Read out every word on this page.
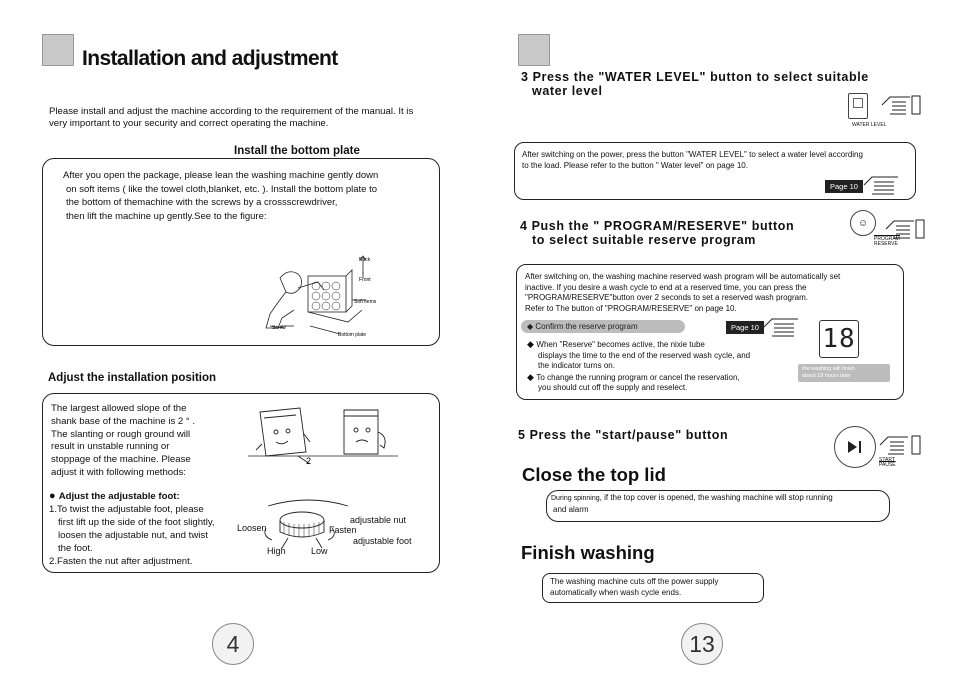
Installation and adjustment
Please install and adjust the machine according to the requirement of the manual. It is
very important to your security and correct operating the machine.
Install the bottom plate
After you open the package, please lean the washing machine gently down
on soft items ( like the towel cloth,blanket, etc. ). Install the bottom plate to
the bottom of themachine with the screws by a crossscrewdriver,
then lift the machine up gently.See to the figure:
Back
Front
Soft items
Screw
Bottom plate
Adjust the installation position
The largest allowed slope of the
shank base of the machine is 2 ° .
The slanting or rough ground will
result in unstable running or
stoppage of the machine. Please
adjust it with following methods:
2
● Adjust the adjustable foot:
1.To twist the adjustable foot, please
first lift up the side of the foot slightly,
loosen the adjustable nut, and twist
the foot.
2.Fasten the nut after adjustment.
Loosen	Fasten
adjustable nut
adjustable foot
High	Low
4
3 Press the "WATER LEVEL" button to select suitable
water level
WATER LEVEL
After switching on the power, press the button "WATER LEVEL" to select a water level according
to the load. Please refer to the button " Water level" on page 10.
Page 10
4 Push the " PROGRAM/RESERVE" button
to select suitable reserve program
☺
PROGRAM
RESERVE
After switching on, the washing machine reserved wash program will be automatically set
inactive. If you desire a wash cycle to end at a reserved time, you can press the
"PROGRAM/RESERVE"button over 2 seconds to set a reserved wash program.
Refer to The button of "PROGRAM/RESERVE" on page 10.
◆ Confirm the reserve program	Page 10
◆ When "Reserve" becomes active, the nixie tube
displays the time to the end of the reserved wash cycle, and
the indicator turns on.
◆ To change the running program or cancel the reservation,
you should cut off the supply and reselect.
18
the washing will finish
about 18 hours later
5 Press the "start/pause" button
START
PAUSE
Close the top lid
During spinning, if the top cover is opened, the washing machine will stop running
and alarm
Finish washing
The washing machine cuts off the power supply
automatically when wash cycle ends.
13
